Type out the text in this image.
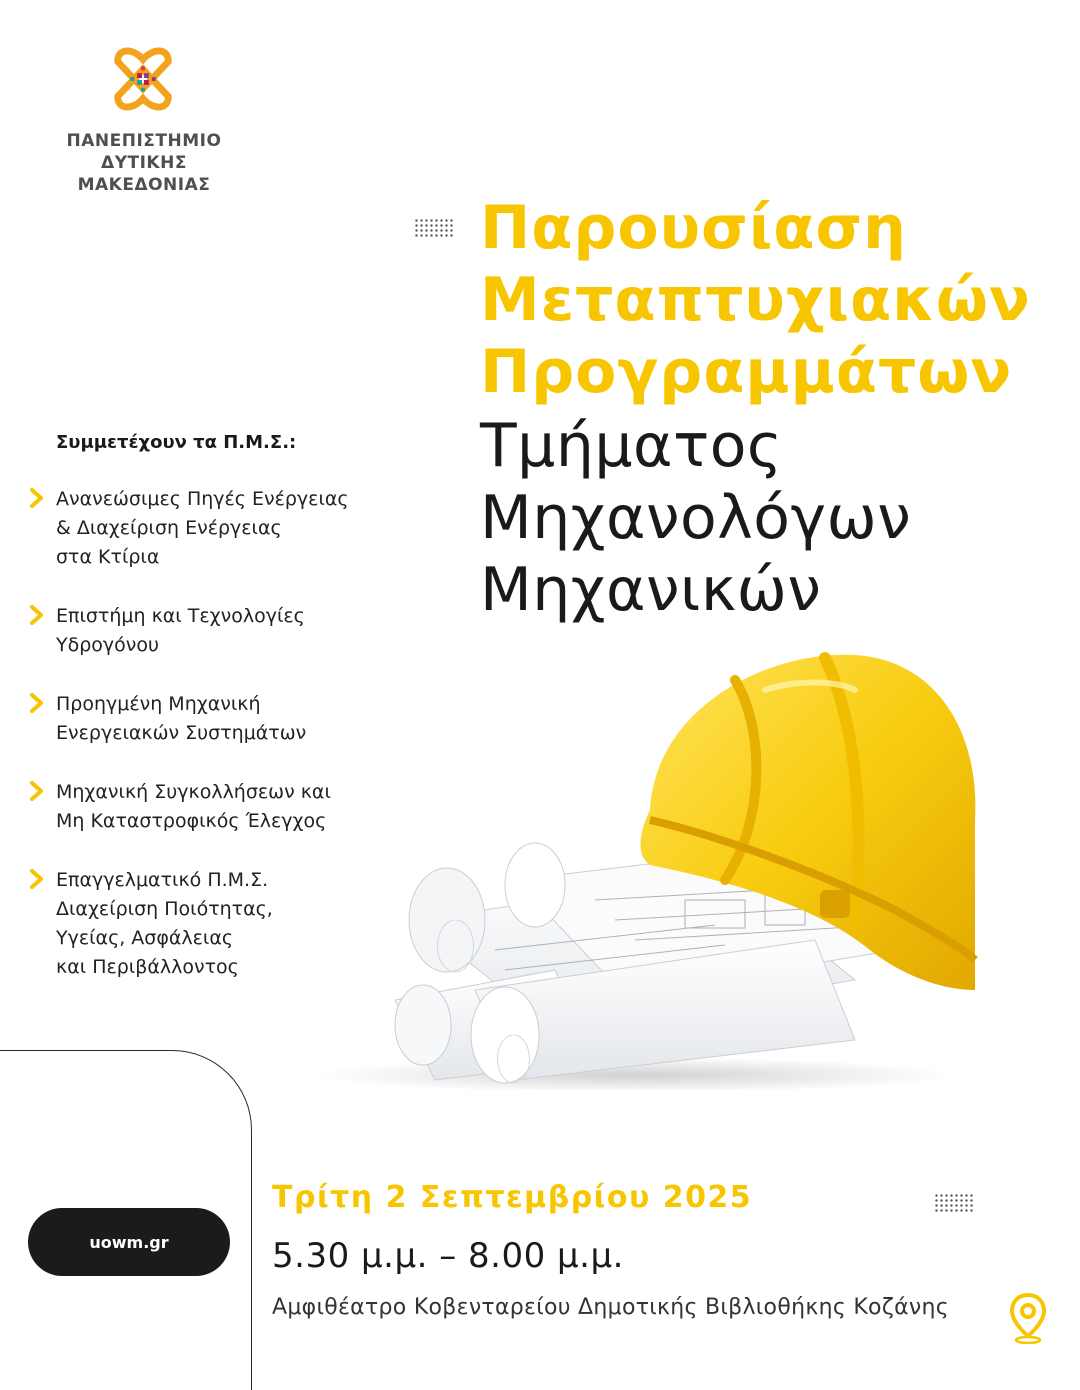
ΠΑΝΕΠΙΣΤΗΜΙΟ
ΔΥΤΙΚΗΣ
ΜΑΚΕΔΟΝΙΑΣ
Παρουσίαση
Μεταπτυχιακών
Προγραμμάτων
Τμήματος
Μηχανολόγων
Μηχανικών
Συμμετέχουν τα Π.Μ.Σ.:
Ανανεώσιμες Πηγές Ενέργειας
& Διαχείριση Ενέργειας
στα Κτίρια
Επιστήμη και Τεχνολογίες
Υδρογόνου
Προηγμένη Μηχανική
Ενεργειακών Συστημάτων
Μηχανική Συγκολλήσεων και
Μη Καταστροφικός Έλεγχος
Επαγγελματικό Π.Μ.Σ.
Διαχείριση Ποιότητας,
Υγείας, Ασφάλειας
και Περιβάλλοντος
uowm.gr
Τρίτη 2 Σεπτεμβρίου 2025
5.30 μ.μ. – 8.00 μ.μ.
Αμφιθέατρο Κοβενταρείου Δημοτικής Βιβλιοθήκης Κοζάνης
